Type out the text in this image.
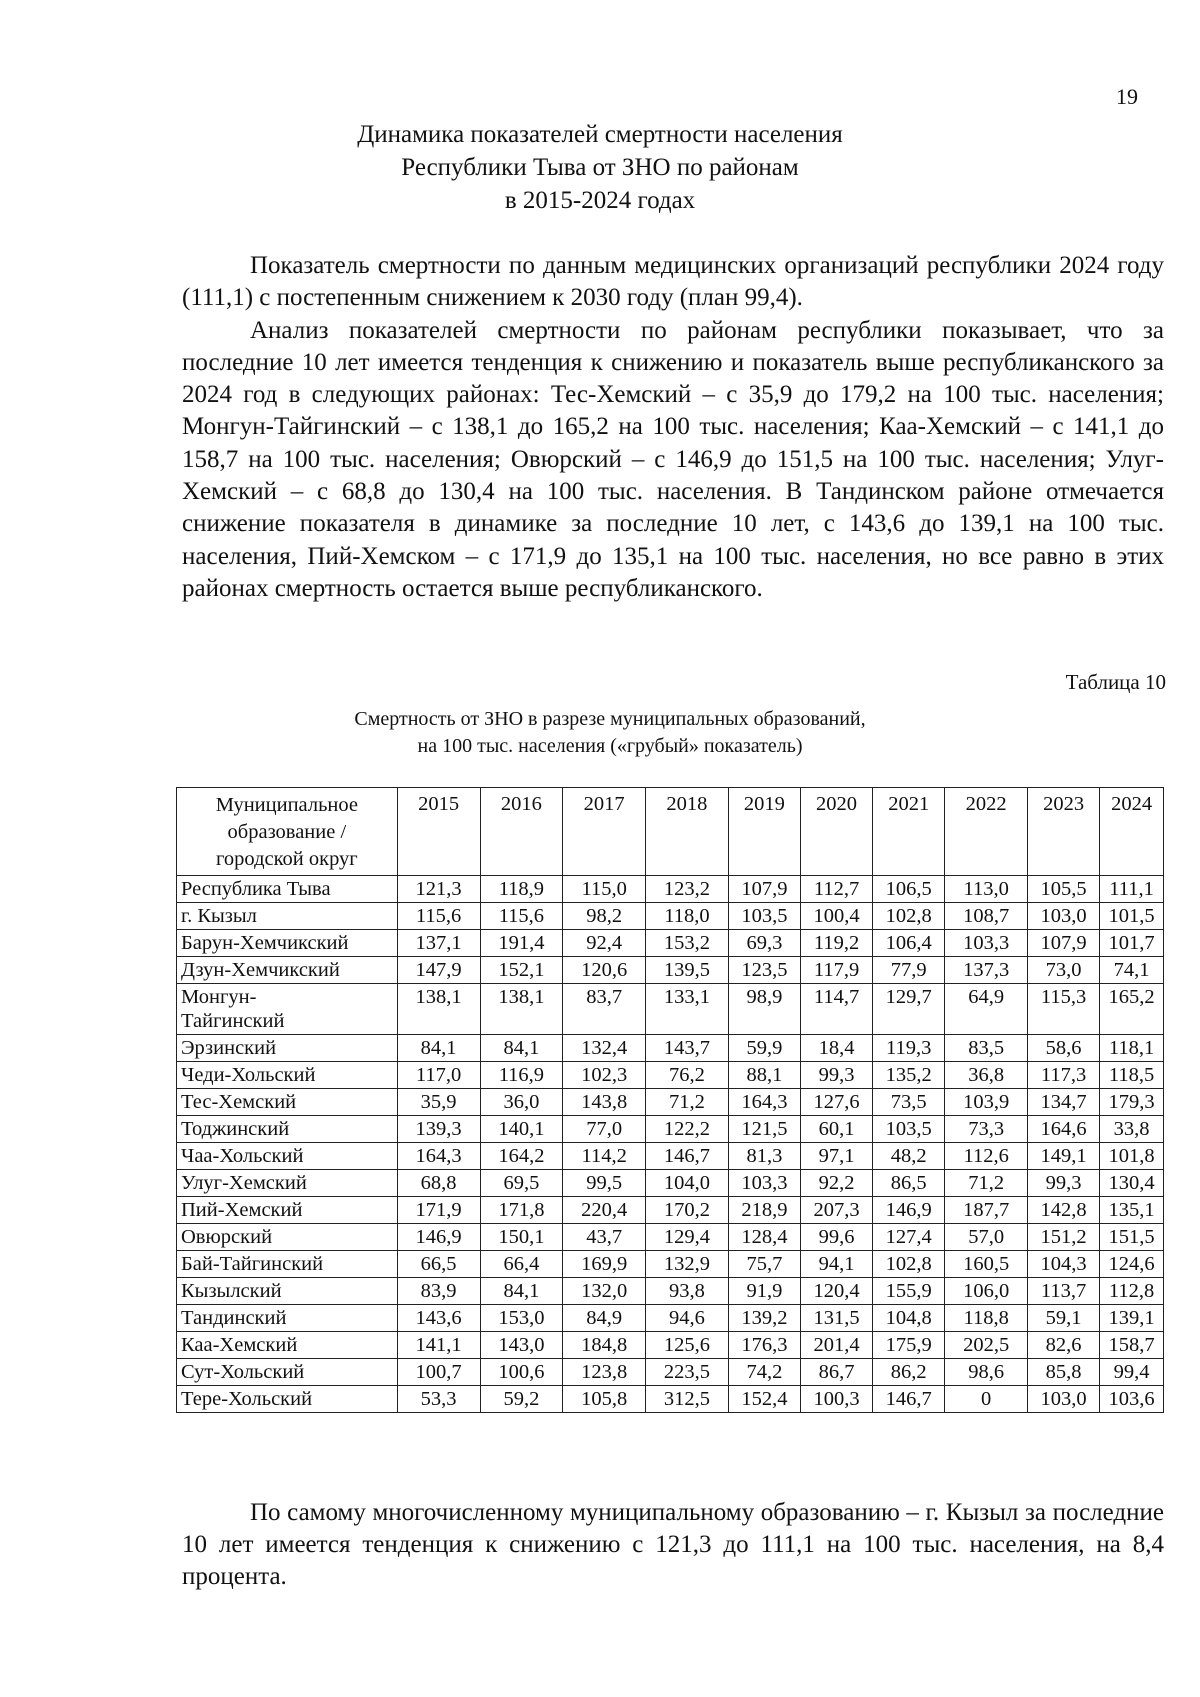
19
Динамика показателей смертности населения
Республики Тыва от ЗНО по районам
в 2015-2024 годах

Показатель смертности по данным медицинских организаций республики 2024 году (111,1) с постепенным снижением к 2030 году (план 99,4).

Анализ показателей смертности по районам республики показывает, что за последние 10 лет имеется тенденция к снижению и показатель выше республиканского за 2024 год в следующих районах: Тес-Хемский – с 35,9 до 179,2 на 100 тыс. населения; Монгун-Тайгинский – с 138,1 до 165,2 на 100 тыс. населения; Каа-Хемский – с 141,1 до 158,7 на 100 тыс. населения; Овюрский – с 146,9 до 151,5 на 100 тыс. населения; Улуг-Хемский – с 68,8 до 130,4 на 100 тыс. населения. В Тандинском районе отмечается снижение показателя в динамике за последние 10 лет, с 143,6 до 139,1 на 100 тыс. населения, Пий-Хемском – с 171,9 до 135,1 на 100 тыс. населения, но все равно в этих районах смертность остается выше республиканского.

Таблица 10
Смертность от ЗНО в разрезе муниципальных образований,
на 100 тыс. населения («грубый» показатель)
Муниципальное
образование /
городской округ	2015	2016	2017	2018	2019	2020	2021	2022	2023	2024
Республика Тыва	121,3	118,9	115,0	123,2	107,9	112,7	106,5	113,0	105,5	111,1
г. Кызыл	115,6	115,6	98,2	118,0	103,5	100,4	102,8	108,7	103,0	101,5
Барун-Хемчикский	137,1	191,4	92,4	153,2	69,3	119,2	106,4	103,3	107,9	101,7
Дзун-Хемчикский	147,9	152,1	120,6	139,5	123,5	117,9	77,9	137,3	73,0	74,1
Монгун-
Тайгинский	138,1	138,1	83,7	133,1	98,9	114,7	129,7	64,9	115,3	165,2
Эрзинский	84,1	84,1	132,4	143,7	59,9	18,4	119,3	83,5	58,6	118,1
Чеди-Хольский	117,0	116,9	102,3	76,2	88,1	99,3	135,2	36,8	117,3	118,5
Тес-Хемский	35,9	36,0	143,8	71,2	164,3	127,6	73,5	103,9	134,7	179,3
Тоджинский	139,3	140,1	77,0	122,2	121,5	60,1	103,5	73,3	164,6	33,8
Чаа-Хольский	164,3	164,2	114,2	146,7	81,3	97,1	48,2	112,6	149,1	101,8
Улуг-Хемский	68,8	69,5	99,5	104,0	103,3	92,2	86,5	71,2	99,3	130,4
Пий-Хемский	171,9	171,8	220,4	170,2	218,9	207,3	146,9	187,7	142,8	135,1
Овюрский	146,9	150,1	43,7	129,4	128,4	99,6	127,4	57,0	151,2	151,5
Бай-Тайгинский	66,5	66,4	169,9	132,9	75,7	94,1	102,8	160,5	104,3	124,6
Кызылский	83,9	84,1	132,0	93,8	91,9	120,4	155,9	106,0	113,7	112,8
Тандинский	143,6	153,0	84,9	94,6	139,2	131,5	104,8	118,8	59,1	139,1
Каа-Хемский	141,1	143,0	184,8	125,6	176,3	201,4	175,9	202,5	82,6	158,7
Сут-Хольский	100,7	100,6	123,8	223,5	74,2	86,7	86,2	98,6	85,8	99,4
Тере-Хольский	53,3	59,2	105,8	312,5	152,4	100,3	146,7	0	103,0	103,6

По самому многочисленному муниципальному образованию – г. Кызыл за последние 10 лет имеется тенденция к снижению с 121,3 до 111,1 на 100 тыс. населения, на 8,4 процента.
